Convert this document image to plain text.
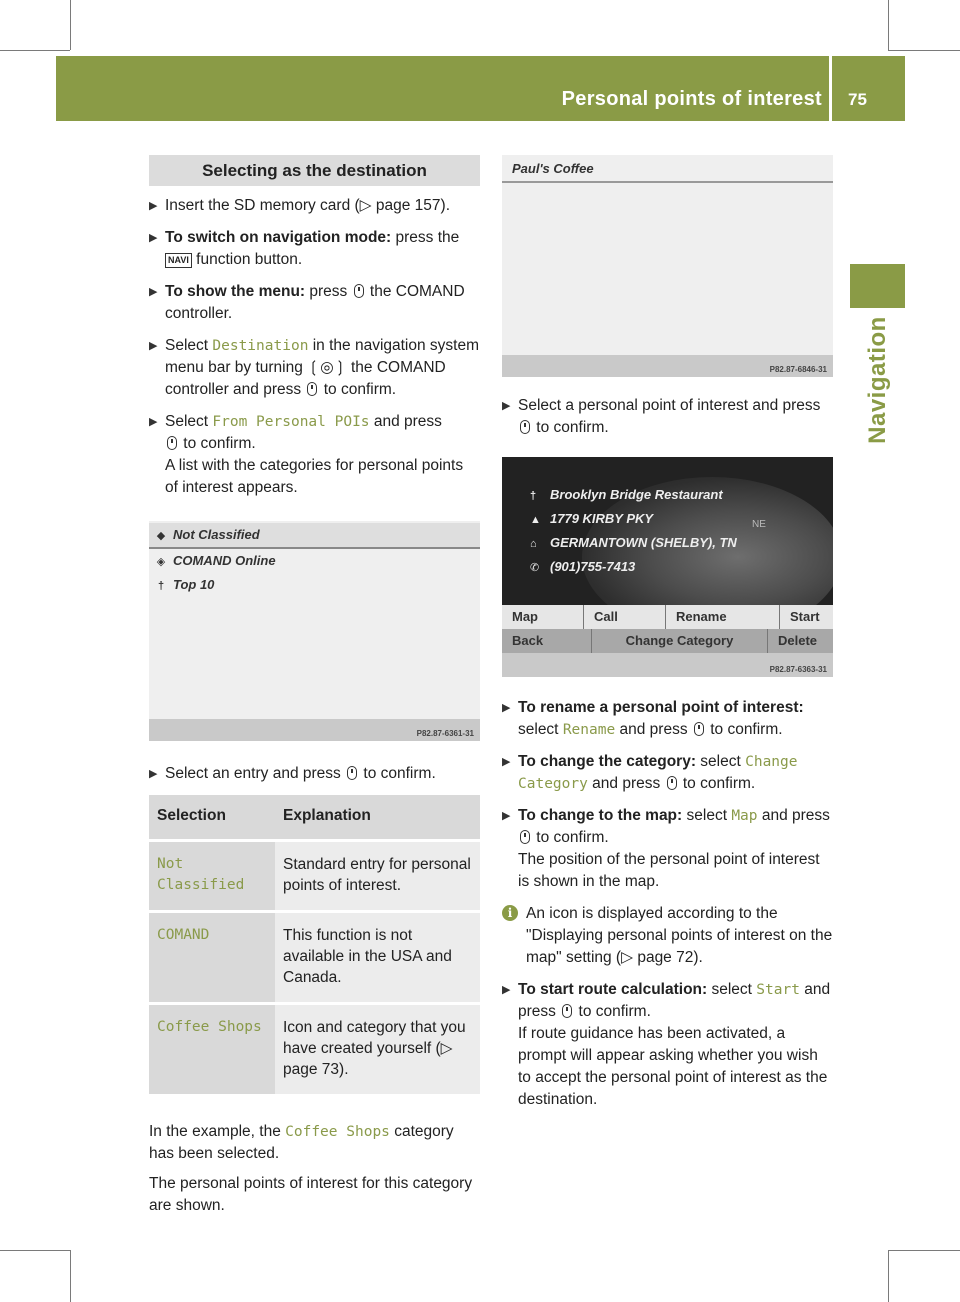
Personal points of interest 75
Navigation
Selecting as the destination
▶ Insert the SD memory card (▷ page 157).
▶ To switch on navigation mode: press the
NAVI function button.
▶ To show the menu: press  the COMAND controller.
▶ Select Destination in the navigation system menu bar by turning ❲◎❳ the COMAND controller and press  to confirm.
▶ Select From Personal POIs and press
to confirm.
A list with the categories for personal points of interest appears.
◆ Not Classified
◈ COMAND Online
† Top 10
P82.87-6361-31
▶ Select an entry and press  to confirm.
Selection	Explanation
Not Classified	Standard entry for personal points of interest.
COMAND	This function is not available in the USA and Canada.
Coffee Shops	Icon and category that you have created yourself (▷ page 73).
In the example, the Coffee Shops category has been selected.
The personal points of interest for this category are shown.
Paul's Coffee
P82.87-6846-31
▶ Select a personal point of interest and press  to confirm.
NE
† Brooklyn Bridge Restaurant
▲ 1779 KIRBY PKY
⌂ GERMANTOWN (SHELBY), TN
✆ (901)755-7413
Map	Call	Rename	Start
Back	Change Category	Delete
P82.87-6363-31
▶ To rename a personal point of interest: select Rename and press  to confirm.
▶ To change the category: select Change Category and press  to confirm.
▶ To change to the map: select Map and press  to confirm.
The position of the personal point of interest is shown in the map.
i An icon is displayed according to the "Displaying personal points of interest on the map" setting (▷ page 72).
▶ To start route calculation: select Start and press  to confirm.
If route guidance has been activated, a prompt will appear asking whether you wish to accept the personal point of interest as the destination.
